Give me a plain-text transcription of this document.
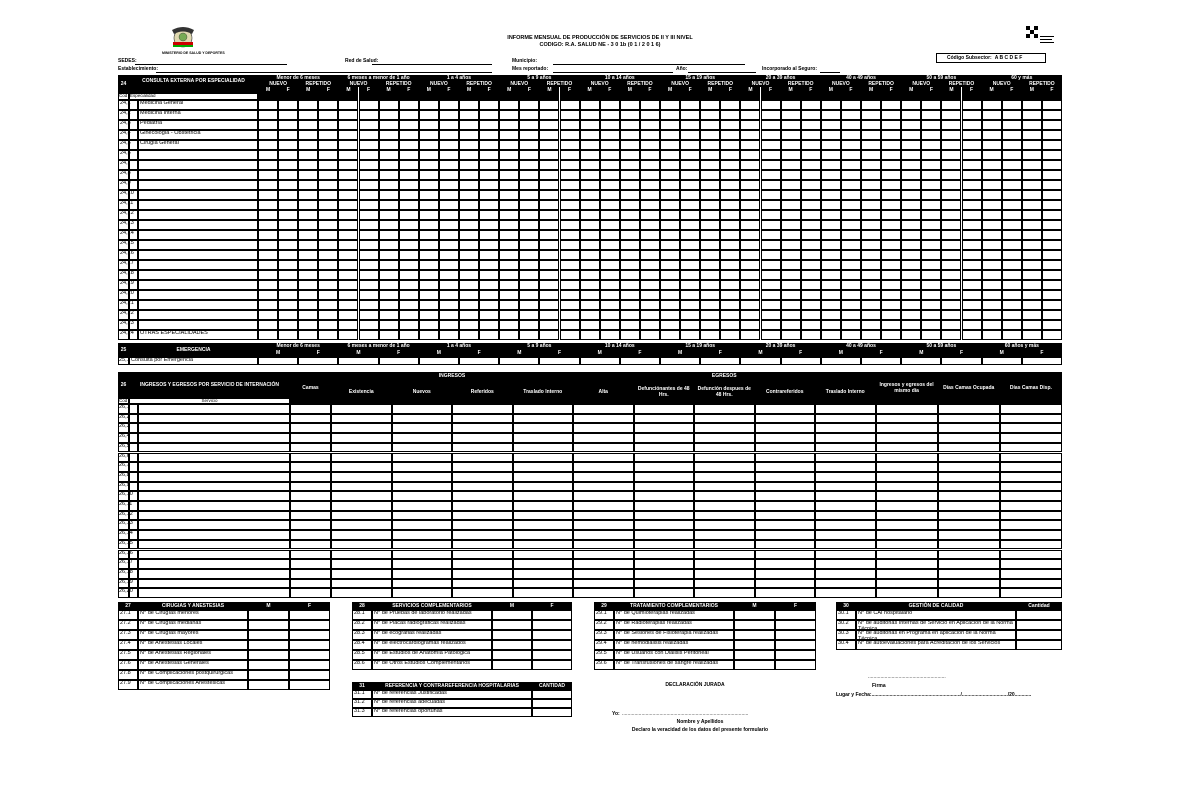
MINISTERIO DE SALUD Y DEPORTES
INFORME MENSUAL DE PRODUCCIÓN DE SERVICIOS DE II Y III NIVEL
CODIGO: R.A. SALUD NE - 3 0 1b (0 1 / 2 0 1 6)
Código Subsector: A B C D E F
SEDES:	Red de Salud:	Municipio:
Establecimiento:	Mes reportado:	Año:	Incorporado al Seguro:
24	CONSULTA EXTERNA POR ESPECIALIDAD
Cod Especialidad
Menor de 6 meses
NUEVO	REPETIDO
M	F	M	F
6 meses a menor de 1 año
NUEVO	REPETIDO
M	F	M	F
1 a 4 años
NUEVO	REPETIDO
M	F	M	F
5 a 9 años
NUEVO	REPETIDO
M	F	M	F
10 a 14 años
NUEVO	REPETIDO
M	F	M	F
15 a 19 años
NUEVO	REPETIDO
M	F	M	F
20 a 39 años
NUEVO	REPETIDO
M	F	M	F
40 a 49 años
NUEVO	REPETIDO
M	F	M	F
50 a 59 años
NUEVO	REPETIDO
M	F	M	F
60 y más
NUEVO	REPETIDO
M	F	M	F
24,1	Medicina General
24,2	Medicina Interna
24,3	Pediatría
24,4	Ginecología - Obstetricia
24,5	Cirugía General
24,6
24,7
24,8
24,9
24,10
24,11
24,12
24,13
24,14
24,15
24,16
24,17
24,18
24,19
24,20
24,21
24,22
24,23
24,24	OTRAS ESPECIALIDADES
25	EMERGENCIA
Menor de 6 meses
M	F
6 meses a menor de 1 año
M	F
1 a 4 años
M	F
5 a 9 años
M	F
10 a 14 años
M	F
15 a 19 años
M	F
20 a 39 años
M	F
40 a 49 años
M	F
50 a 59 años
M	F
60 años y más
M	F
25,1 Consulta por Emergencia
26	INGRESOS Y EGRESOS POR SERVICIO DE INTERNACIÓN
Cod	Servicio
Camas
INGRESOS	EGRESOS
Existencia	Nuevos	Referidos	Traslado Interno	Alta	Defunciónantes de 48 Hrs.
Defunción despues de 48 Hrs.	Contrareferidos	Traslado Interno
Ingresos y egresos del mismo día	Días Camas Ocupada	Días Camas Disp.
26,1
26,2
26,3
26,4
26,5
26,6
26,7
26,8
26,9
26,10
26,11
26,12
26,13
26,14
26,15
26,16
26,17
26,18
26,19
26,20
27	CIRUGIAS Y ANESTESIAS	M	F
27.1	N° de Cirugías menores
27.2	N° de Cirugías medianas
27.3	N° de Cirugías mayores
27.4	N° de Anestesias Locales
27.5	N° de Anestesias Regionales
27.6	N° de Anestesias Generales
27.8	N° de Complicaciones postquirúrgicas
27.9	N° de Complicaciones Anestesicas
28	SERVICIOS COMPLEMENTARIOS	M	F
28.1	N° de Pruebas de laboratorio realizadas
28.2	N° de Placas radiográficas realizadas
28.3	N° de ecografias realizadas
28.4	N° de electrocardiogramas realizados
28.5	N° de Estudios de Anatomía Patológica
28.6	N° de Otros Estudios Complementarios
29	TRATAMIENTO COMPLEMENTARIOS	M	F
29.1	N° de Quimioterapias realizadas
29.2	N° de Radioterapias realizadas
29.3	N° de Sesiones de Fisioterapia realizadas
29.4	N° de hemodiálisis realizadas
29.5	N° de Usuarios con Diálisis Peritoneal
29.6	N° de Transfusiones de sangre realizadas
30	GESTIÓN DE CALIDAD	Cantidad
30.1	N° de CAI hospitalario
30.2	N° de auditorias Internas de Servicio en Aplicación de la Norma Técnica
30.3	N° de auditorias en Programa en aplicación de la Norma Técnica
30.4	N° de autoevaluaciones para Acreditación de los Servicios
31	REFERENCIA Y CONTRAREFERENCIA HOSPITALARIAS	CANTIDAD
31.1	N° de referencias Justificadas
31.2	N° de referencias adecuadas
31.3	N° de referencias oportunas
DECLARACIÓN JURADA
........................................................
Firma
Lugar y Fecha:................................................................/................................./20............
Yo: ...........................................................................................
Nombre y Apellidos
Declaro la veracidad de los datos del presente formulario
